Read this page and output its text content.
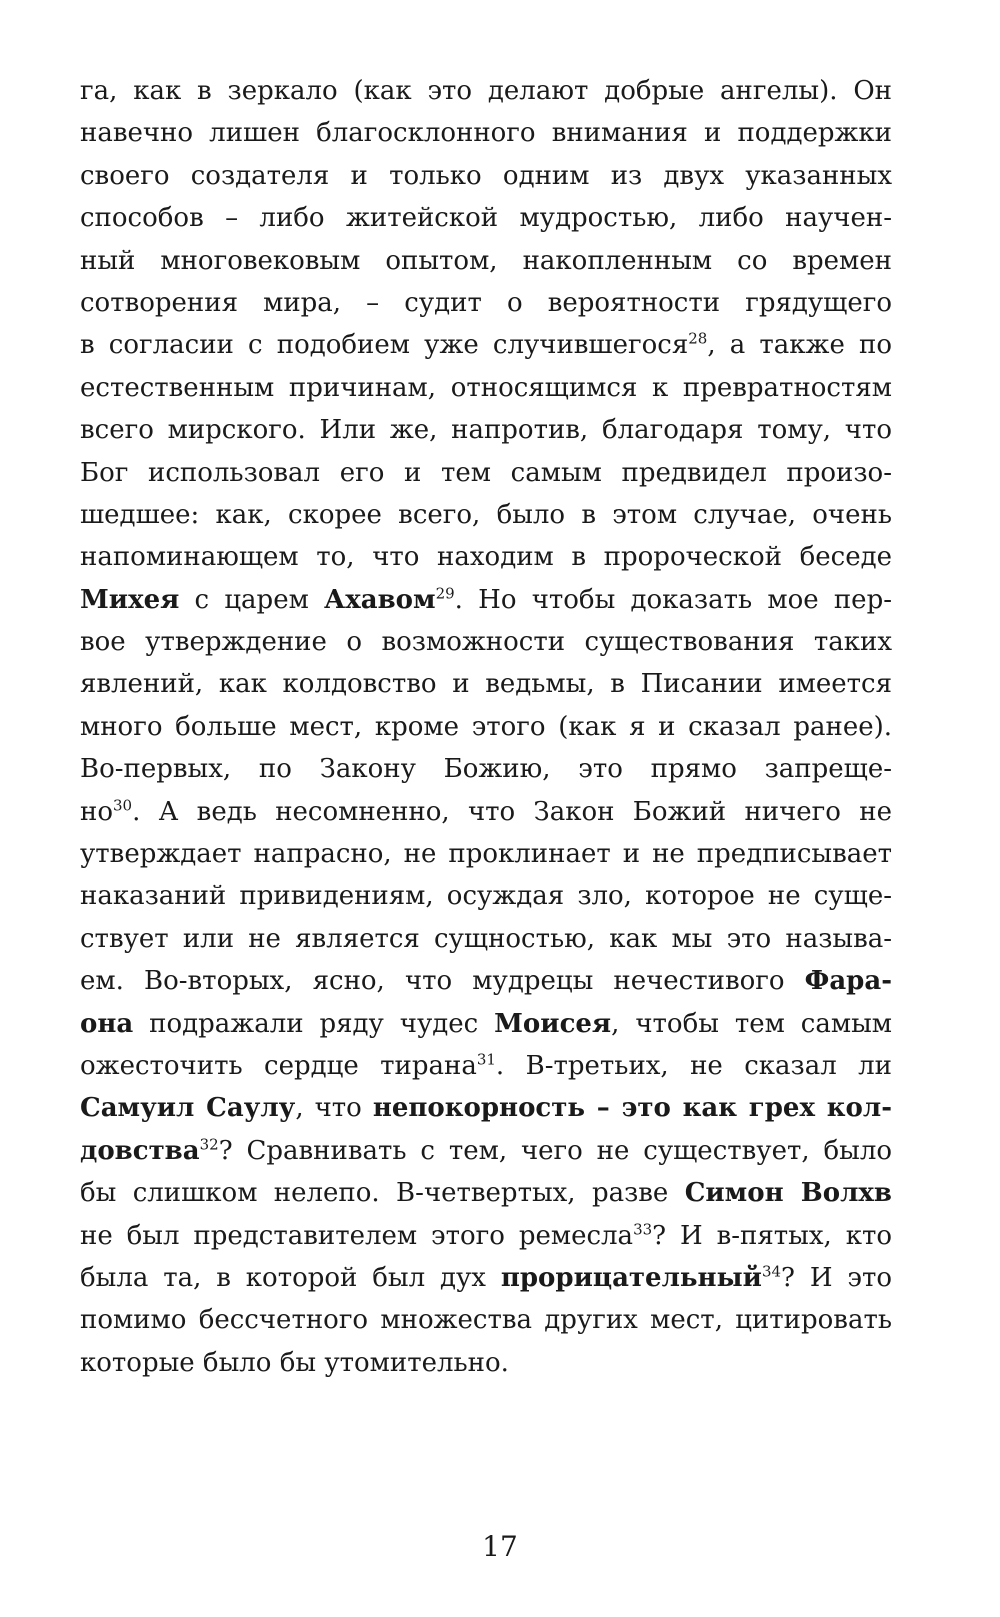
га, как в зеркало (как это делают добрые ангелы). Он
навечно лишен благосклонного внимания и поддержки
своего создателя и только одним из двух указанных
способов – либо житейской мудростью, либо научен-
ный многовековым опытом, накопленным со времен
сотворения мира, – судит о вероятности грядущего
в согласии с подобием уже случившегося$^{28}$, а также по
естественным причинам, относящимся к превратностям
всего мирского. Или же, напротив, благодаря тому, что
Бог использовал его и тем самым предвидел произо-
шедшее: как, скорее всего, было в этом случае, очень
напоминающем то, что находим в пророческой беседе
Михея с царем Ахавом$^{29}$. Но чтобы доказать мое пер-
вое утверждение о возможности существования таких
явлений, как колдовство и ведьмы, в Писании имеется
много больше мест, кроме этого (как я и сказал ранее).
Во-первых, по Закону Божию, это прямо запреще-
$но^{30}$. А ведь несомненно, что Закон Божий ничего не
утверждает напрасно, не проклинает и не предписывает
наказаний привидениям, осуждая зло, которое не суще-
ствует или не является сущностью, как мы это называ-
ем. Во-вторых, ясно, что мудрецы нечестивого Фара-
она подражали ряду чудес Моисея, чтобы тем самым
ожесточить сердце тирана$^{31}$. В-третьих, не сказал ли
Самуил Саулу, что непокорность – это как грех кол-
довства$^{32}$? Сравнивать с тем, чего не существует, было
бы слишком нелепо. В-четвертых, разве Симон Волхв
не был представителем этого ремесла$^{33}$? И в-пятых, кто
была та, в которой был дух прорицательный$^{34}$? И это
помимо бессчетного множества других мест, цитировать
которые было бы утомительно.
17
